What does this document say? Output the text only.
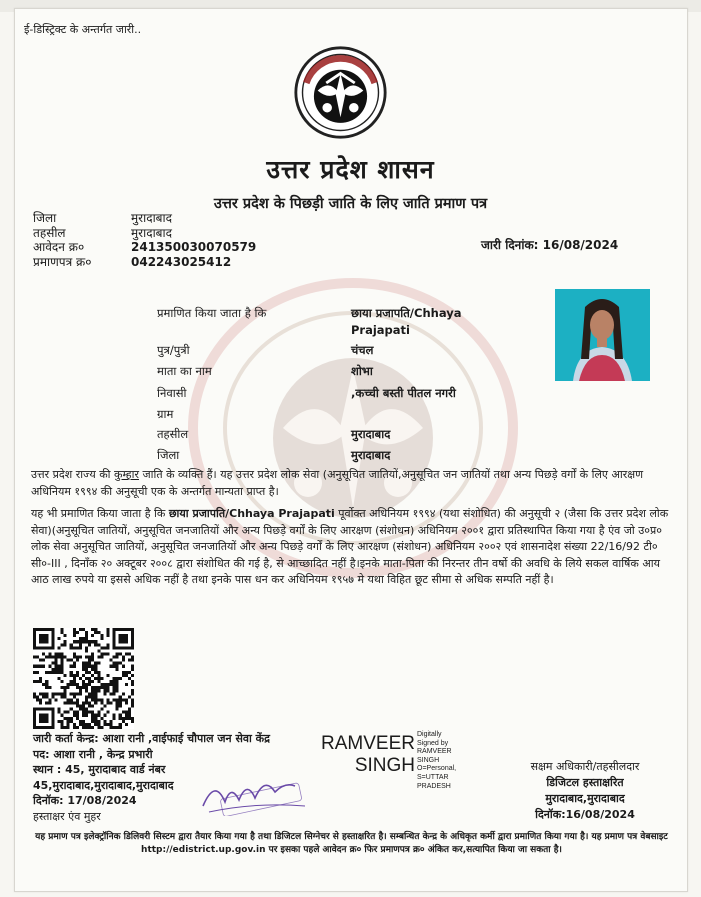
ई-डिस्ट्रिक्ट के अन्तर्गत जारी..
उत्तर प्रदेश शासन
उत्तर प्रदेश के पिछड़ी जाति के लिए जाति प्रमाण पत्र
जिला	मुरादाबाद
तहसील	मुरादाबाद
आवेदन क्र०	241350030070579
प्रमाणपत्र क्र०	042243025412
जारी दिनांक: 16/08/2024
प्रमाणित किया जाता है कि	छाया प्रजापति/Chhaya
Prajapati
पुत्र/पुत्री	चंचल
माता का नाम	शोभा
निवासी	,कच्ची बस्ती पीतल नगरी
ग्राम
तहसील	मुरादाबाद
जिला	मुरादाबाद
उत्तर प्रदेश राज्य की कुम्हार जाति के व्यक्ति हैं। यह उत्तर प्रदेश लोक सेवा (अनुसूचित जातियों,अनुसूचित जन जातियों तथा अन्य पिछड़े वर्गों के लिए आरक्षण अधिनियम १९९४ की अनुसूची एक के अन्तर्गत मान्यता प्राप्त है।
यह भी प्रमाणित किया जाता है कि छाया प्रजापति/Chhaya Prajapati पूर्वोक्त अधिनियम १९९४ (यथा संशोधित) की अनुसूची २ (जैसा कि उत्तर प्रदेश लोक सेवा)(अनुसूचित जातियों, अनुसूचित जनजातियों और अन्य पिछड़े वर्गों के लिए आरक्षण (संशोधन) अधिनियम २००१ द्वारा प्रतिस्थापित किया गया है एंव जो उ०प्र० लोक सेवा अनुसूचित जातियों, अनुसूचित जनजातियों और अन्य पिछड़े वर्गों के लिए आरक्षण (संशोधन) अधिनियम २००२ एवं शासनादेश संख्या 22/16/92 टी० सी०-III , दिनाँक २० अक्टूबर २००८ द्वारा संशोधित की गई है, से आच्छादित नहीं है।इनके माता-पिता की निरन्तर तीन वर्षो की अवधि के लिये सकल वार्षिक आय आठ लाख रुपये या इससे अधिक नहीं है तथा इनके पास धन कर अधिनियम १९५७ मे यथा विहित छूट सीमा से अधिक सम्पति नहीं है।
जारी कर्ता केन्द्र: आशा रानी ,वाईफाई चौपाल जन सेवा केंद्र
पद: आशा रानी , केन्द्र प्रभारी
स्थान : 45, मुरादाबाद वार्ड नंबर
45,मुरादाबाद,मुरादाबाद,मुरादाबाद
दिनॉक: 17/08/2024
हस्ताक्षर एंव मुहर
RAMVEER
SINGH
Digitally
Signed by
RAMVEER
SINGH
O=Personal,
S=UTTAR
PRADESH
सक्षम अधिकारी/तहसीलदार
डिजिटल हस्ताक्षरित
मुरादाबाद,मुरादाबाद
दिनॉक:16/08/2024
यह प्रमाण पत्र इलेक्ट्रॉनिक डिलिवरी सिस्टम द्वारा तैयार किया गया है तथा डिजिटल सिग्नेचर से हस्ताक्षरित है। सम्बन्धित केन्द्र के अधिकृत कर्मी द्वारा प्रमाणित किया गया है। यह प्रमाण पत्र वेबसाइट http://edistrict.up.gov.in पर इसका पहले आवेदन क्र० फिर प्रमाणपत्र क्र० अंकित कर,सत्यापित किया जा सकता है।
